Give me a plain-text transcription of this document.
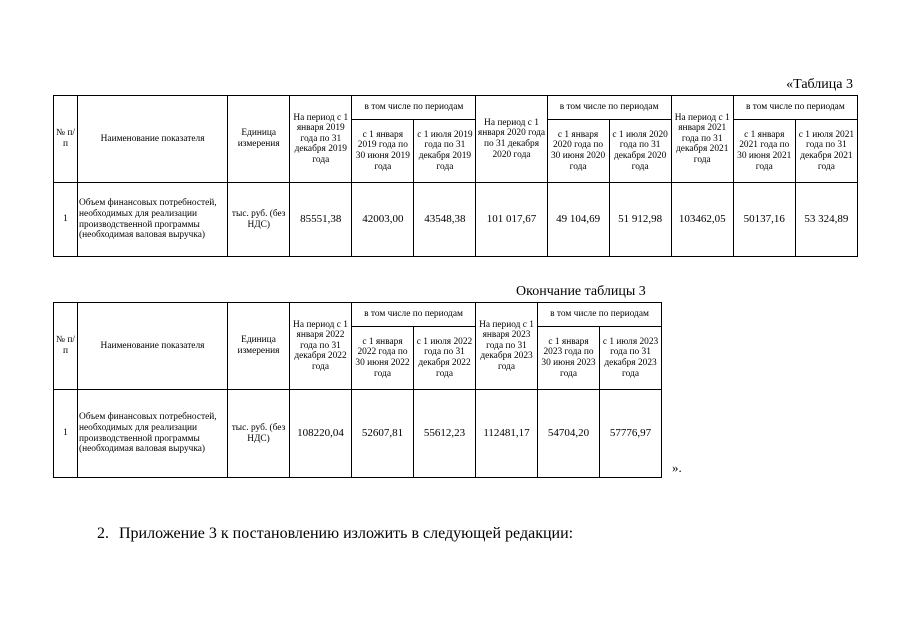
«Таблица 3
№ п/п	Наименование показателя	Единица измерения	На период с 1 января 2019 года по 31 декабря 2019 года	в том числе по периодам		На период с 1 января 2020 года по 31 декабря 2020 года	в том числе по периодам		На период с 1 января 2021 года по 31 декабря 2021 года	в том числе по периодам	
				с 1 января 2019 года по 30 июня 2019 года	с 1 июля 2019 года по 31 декабря 2019 года		с 1 января 2020 года по 30 июня 2020 года	с 1 июля 2020 года по 31 декабря 2020 года		с 1 января 2021 года по 30 июня 2021 года	с 1 июля 2021 года по 31 декабря 2021 года
1	Объем финансовых потребностей, необходимых для реализации производственной программы (необходимая валовая выручка)	тыс. руб. (без НДС)	85551,38	42003,00	43548,38	101 017,67	49 104,69	51 912,98	103462,05	50137,16	53 324,89
Окончание таблицы 3
№ п/п	Наименование показателя	Единица измерения	На период с 1 января 2022 года по 31 декабря 2022 года	в том числе по периодам		На период с 1 января 2023 года по 31 декабря 2023 года	в том числе по периодам	
				с 1 января 2022 года по 30 июня 2022 года	с 1 июля 2022 года по 31 декабря 2022 года		с 1 января 2023 года по 30 июня 2023 года	с 1 июля 2023 года по 31 декабря 2023 года
1	Объем финансовых потребностей, необходимых для реализации производственной программы (необходимая валовая выручка)	тыс. руб. (без НДС)	108220,04	52607,81	55612,23	112481,17	54704,20	57776,97
».
2. Приложение 3 к постановлению изложить в следующей редакции:
